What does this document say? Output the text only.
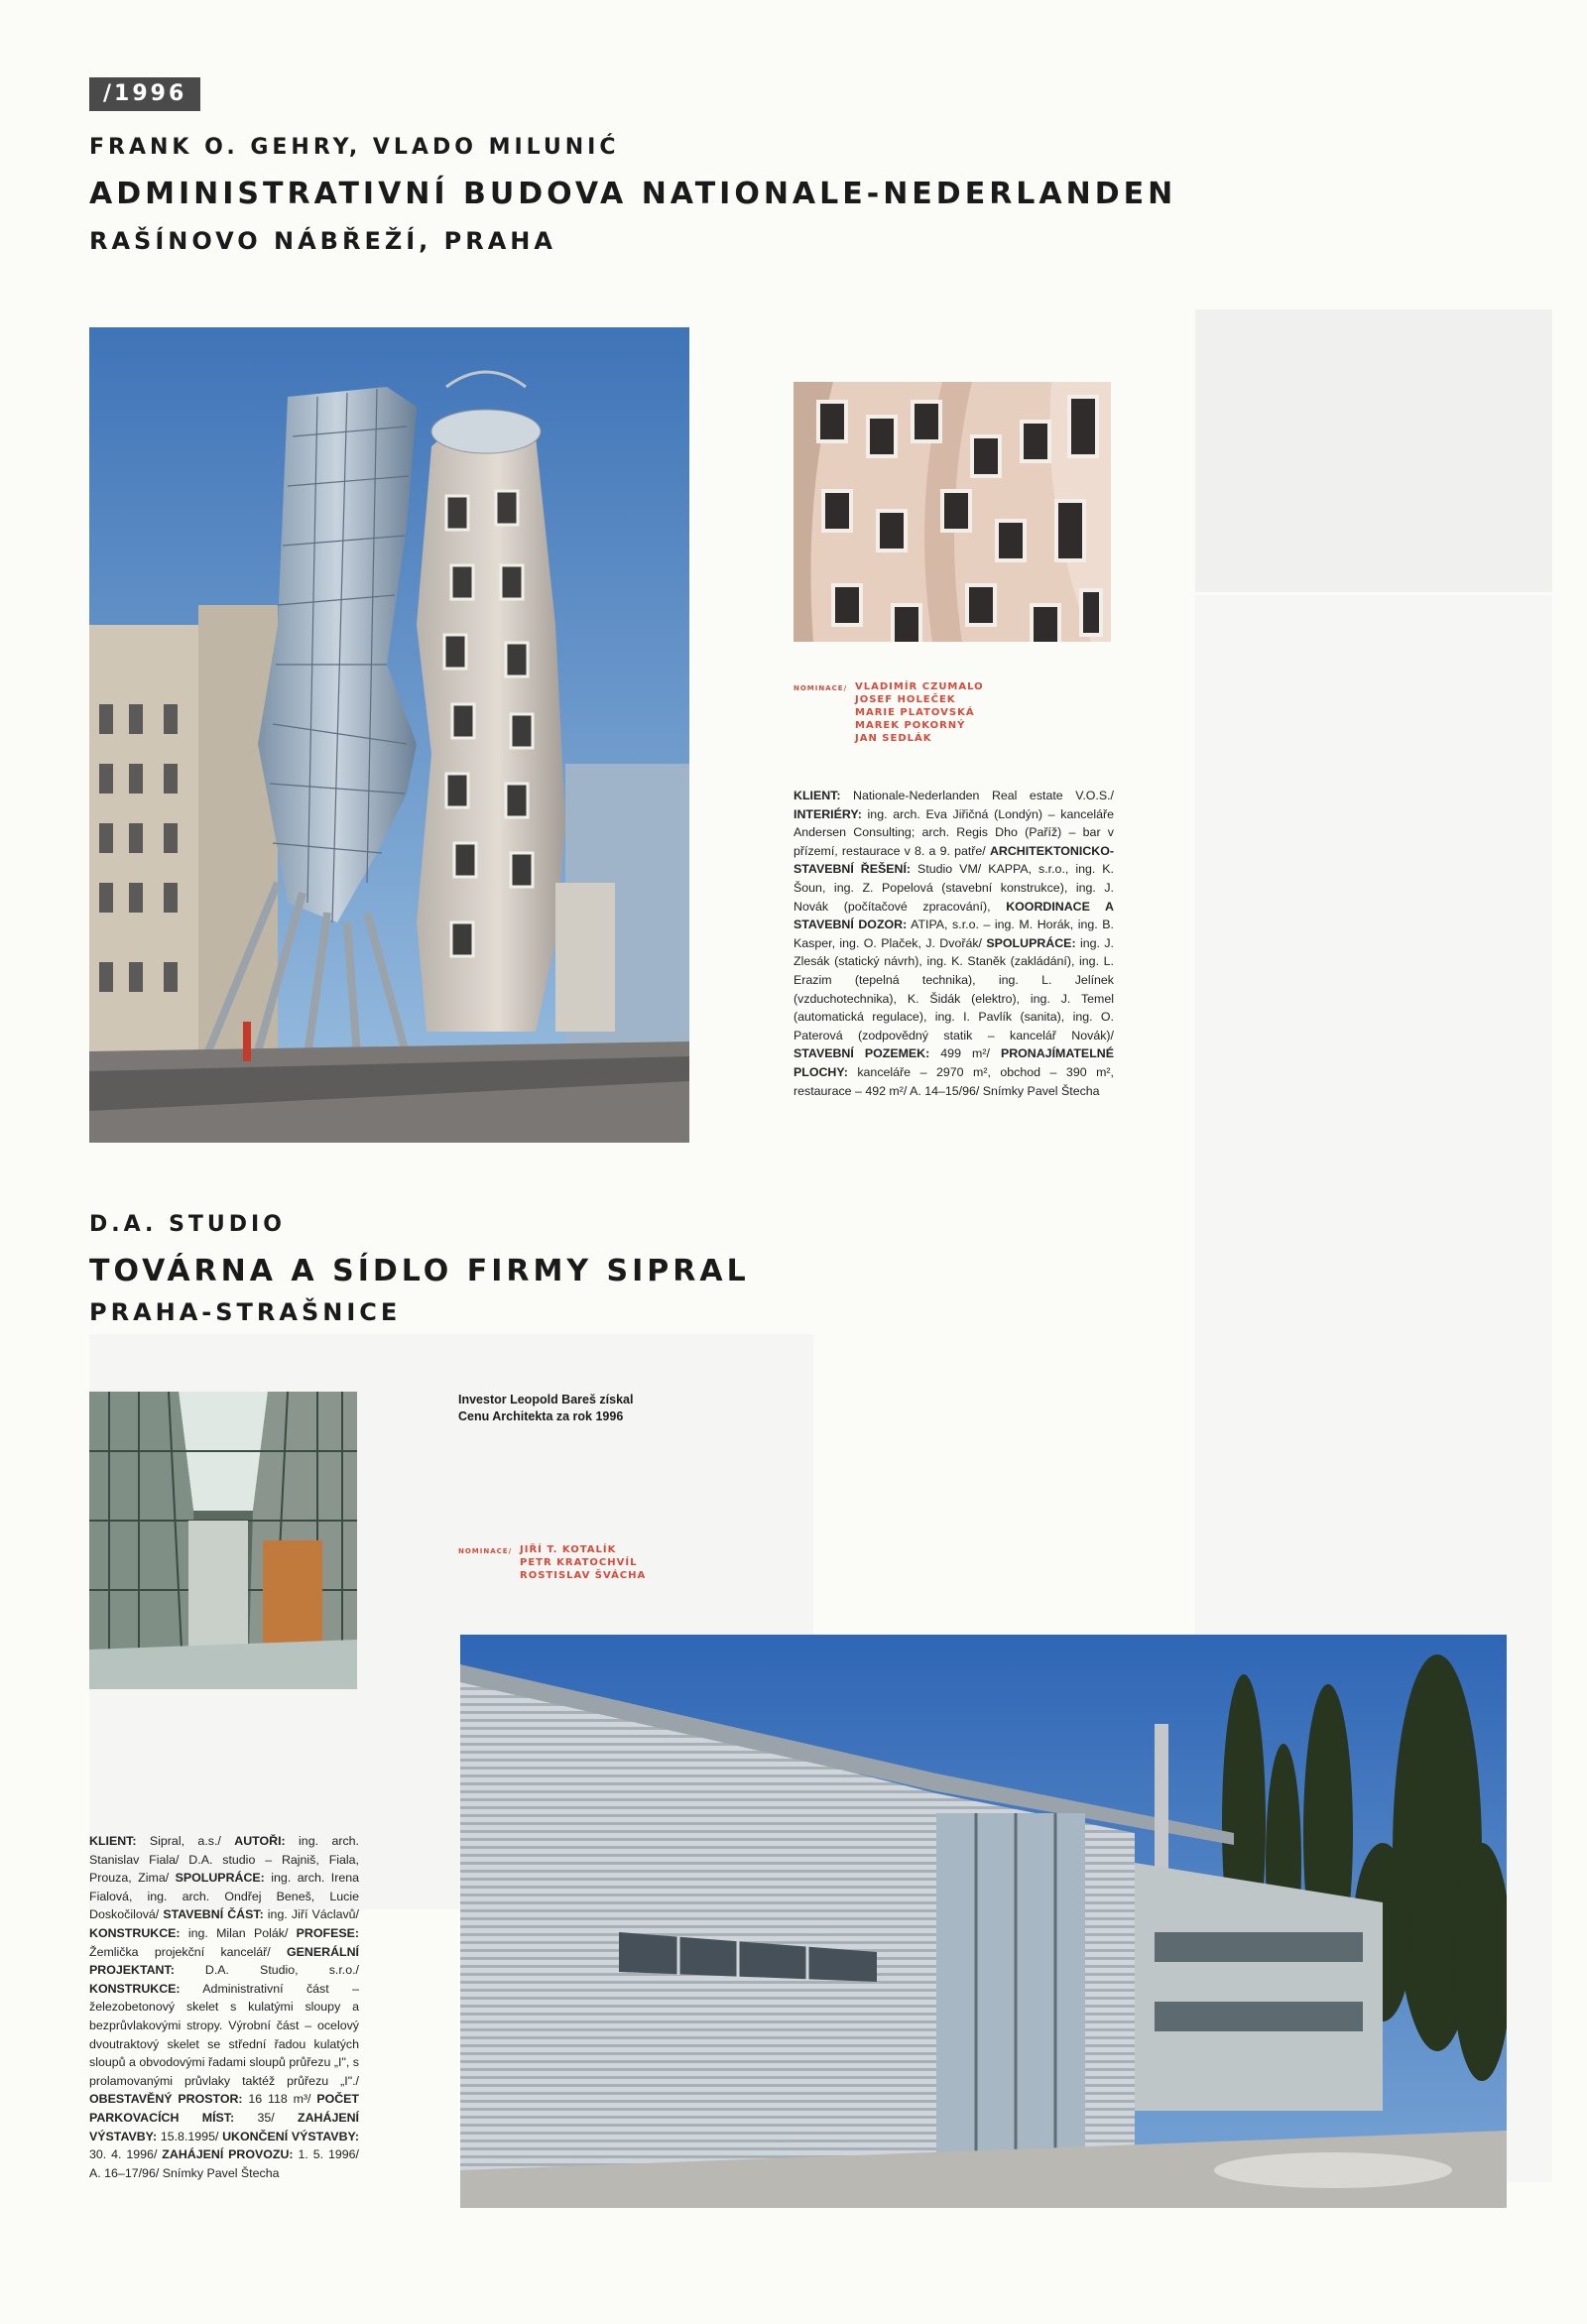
/1996
FRANK O. GEHRY, VLADO MILUNIĆ
ADMINISTRATIVNÍ BUDOVA NATIONALE-NEDERLANDEN
RAŠÍNOVO NÁBŘEŽÍ, PRAHA
NOMINACE/ VLADIMÍR CZUMALO
JOSEF HOLEČEK
MARIE PLATOVSKÁ
MAREK POKORNÝ
JAN SEDLÁK
KLIENT: Nationale-Nederlanden Real estate V.O.S./ INTERIÉRY: ing. arch. Eva Jiřičná (Londýn) – kanceláře Andersen Consulting; arch. Regis Dho (Paříž) – bar v přízemí, restaurace v 8. a 9. patře/ ARCHITEKTONICKO-STAVEBNÍ ŘEŠENÍ: Studio VM/ KAPPA, s.r.o., ing. K. Šoun, ing. Z. Popelová (stavební konstrukce), ing. J. Novák (počítačové zpracování), KOORDINACE A STAVEBNÍ DOZOR: ATIPA, s.r.o. – ing. M. Horák, ing. B. Kasper, ing. O. Plaček, J. Dvořák/ SPOLUPRÁCE: ing. J. Zlesák (statický návrh), ing. K. Staněk (zakládání), ing. L. Erazim (tepelná technika), ing. L. Jelínek (vzduchotechnika), K. Šidák (elektro), ing. J. Temel (automatická regulace), ing. I. Pavlík (sanita), ing. O. Paterová (zodpovědný statik – kancelář Novák)/ STAVEBNÍ POZEMEK: 499 m²/ PRONAJÍMATELNÉ PLOCHY: kanceláře – 2970 m², obchod – 390 m², restaurace – 492 m²/ A. 14–15/96/ Snímky Pavel Štecha
D.A. STUDIO
TOVÁRNA A SÍDLO FIRMY SIPRAL
PRAHA-STRAŠNICE
Investor Leopold Bareš získal
Cenu Architekta za rok 1996
NOMINACE/ JIŘÍ T. KOTALÍK
PETR KRATOCHVÍL
ROSTISLAV ŠVÁCHA
KLIENT: Sipral, a.s./ AUTOŘI: ing. arch. Stanislav Fiala/ D.A. studio – Rajniš, Fiala, Prouza, Zima/ SPOLUPRÁCE: ing. arch. Irena Fialová, ing. arch. Ondřej Beneš, Lucie Doskočilová/ STAVEBNÍ ČÁST: ing. Jiří Václavů/ KONSTRUKCE: ing. Milan Polák/ PROFESE: Žemlička projekční kancelář/ GENERÁLNÍ PROJEKTANT: D.A. Studio, s.r.o./ KONSTRUKCE: Administrativní část – železobetonový skelet s kulatými sloupy a bezprůvlakovými stropy. Výrobní část – ocelový dvoutraktový skelet se střední řadou kulatých sloupů a obvodovými řadami sloupů průřezu „I", s prolamovanými průvlaky taktéž průřezu „I"./ OBESTAVĚNÝ PROSTOR: 16 118 m³/ POČET PARKOVACÍCH MÍST: 35/ ZAHÁJENÍ VÝSTAVBY: 15.8.1995/ UKONČENÍ VÝSTAVBY: 30. 4. 1996/ ZAHÁJENÍ PROVOZU: 1. 5. 1996/ A. 16–17/96/ Snímky Pavel Štecha
